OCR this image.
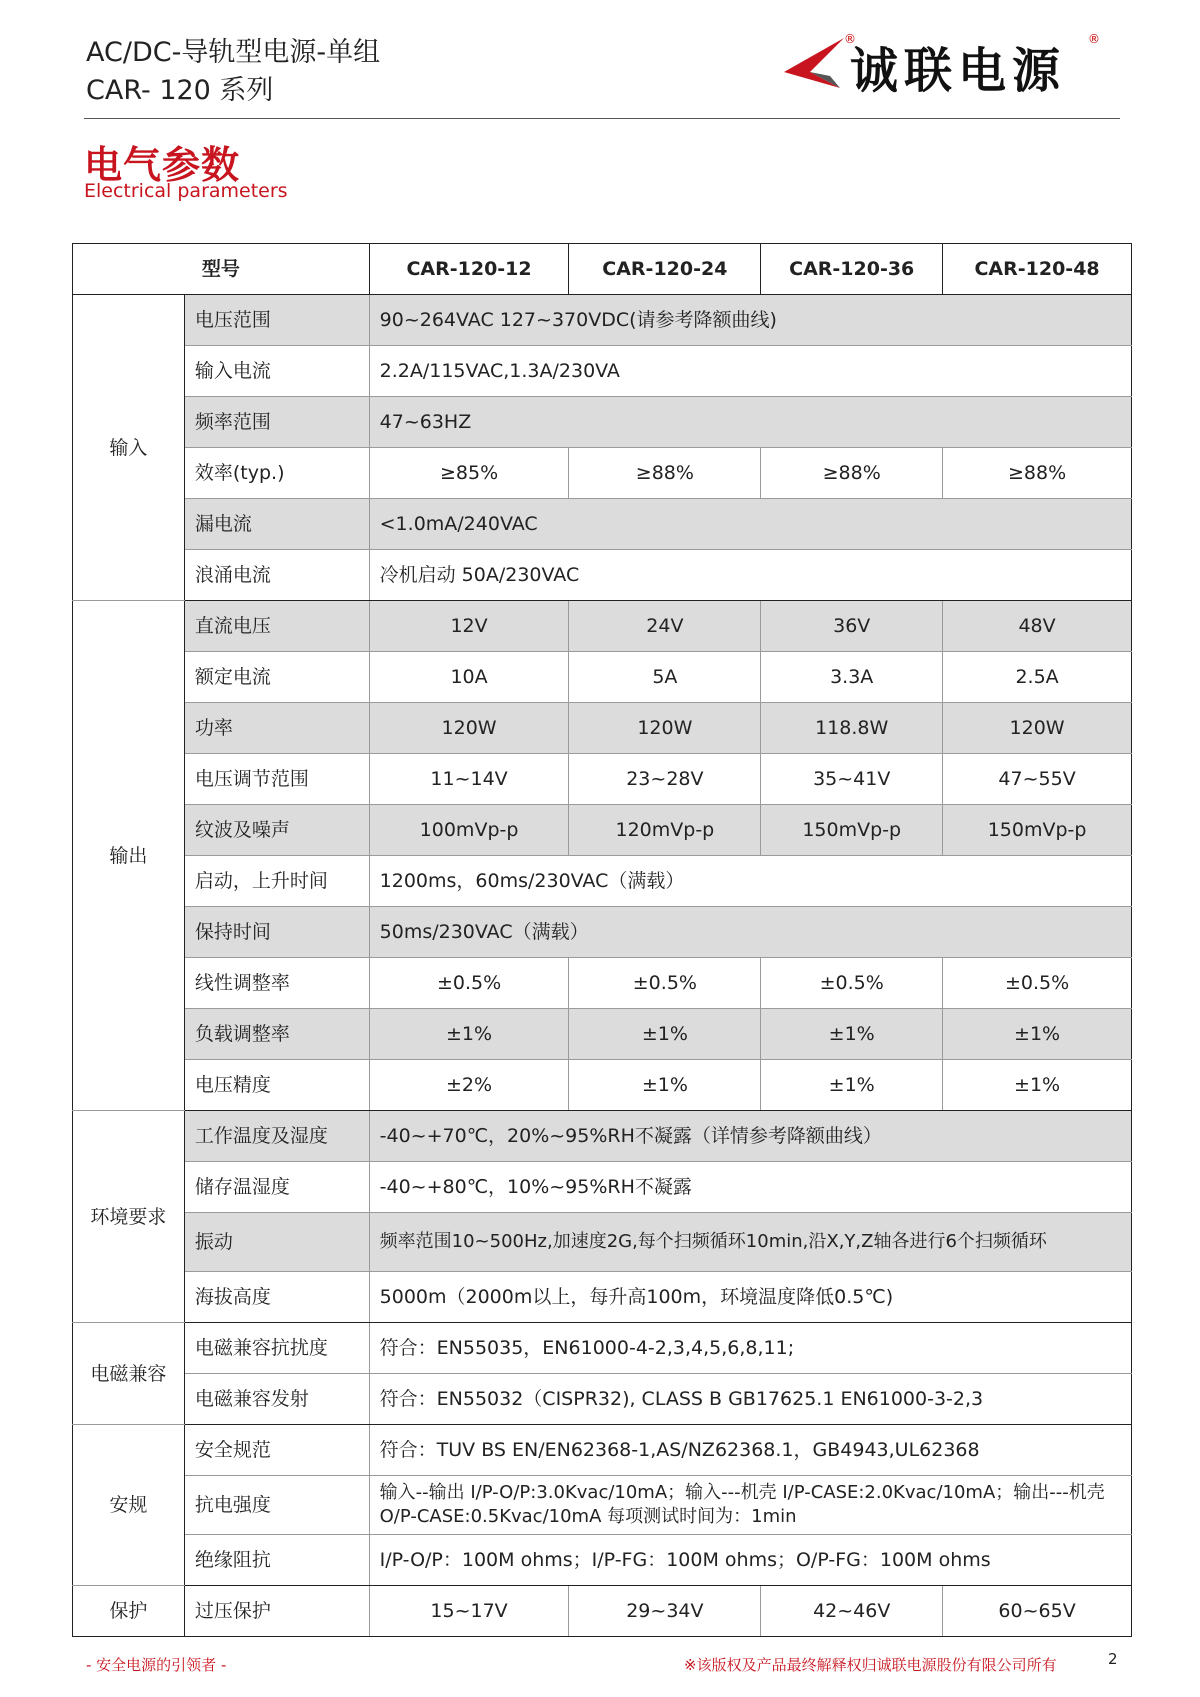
AC/DC-导轨型电源-单组
CAR- 120 系列
®
诚联电源
®
电气参数
Electrical parameters
型号		CAR-120-12	CAR-120-24	CAR-120-36	CAR-120-48
输入	电压范围	90~264VAC 127~370VDC(请参考降额曲线)			
	输入电流	2.2A/115VAC,1.3A/230VA			
	频率范围	47~63HZ			
	效率(typ.)	≥85%	≥88%	≥88%	≥88%
	漏电流	<1.0mA/240VAC			
	浪涌电流	冷机启动 50A/230VAC			
输出	直流电压	12V	24V	36V	48V
	额定电流	10A	5A	3.3A	2.5A
	功率	120W	120W	118.8W	120W
	电压调节范围	11~14V	23~28V	35~41V	47~55V
	纹波及噪声	100mVp-p	120mVp-p	150mVp-p	150mVp-p
	启动，上升时间	1200ms，60ms/230VAC（满载）			
	保持时间	50ms/230VAC（满载）			
	线性调整率	±0.5%	±0.5%	±0.5%	±0.5%
	负载调整率	±1%	±1%	±1%	±1%
	电压精度	±2%	±1%	±1%	±1%
环境要求	工作温度及湿度	-40~+70℃，20%~95%RH不凝露（详情参考降额曲线）			
	储存温湿度	-40~+80℃，10%~95%RH不凝露			
	振动	频率范围10~500Hz,加速度2G,每个扫频循环10min,沿X,Y,Z轴各进行6个扫频循环			
	海拔高度	5000m（2000m以上，每升高100m，环境温度降低0.5℃)			
电磁兼容	电磁兼容抗扰度	符合：EN55035，EN61000-4-2,3,4,5,6,8,11;			
	电磁兼容发射	符合：EN55032（CISPR32), CLASS B GB17625.1 EN61000-3-2,3			
安规	安全规范	符合：TUV BS EN/EN62368-1,AS/NZ62368.1，GB4943,UL62368			
	抗电强度	输入--输出 I/P-O/P:3.0Kvac/10mA；输入---机壳 I/P-CASE:2.0Kvac/10mA；输出---机壳 O/P-CASE:0.5Kvac/10mA 每项测试时间为：1min			
	绝缘阻抗	I/P-O/P：100M ohms；I/P-FG：100M ohms；O/P-FG：100M ohms			
保护	过压保护	15~17V	29~34V	42~46V	60~65V
- 安全电源的引领者 -	※该版权及产品最终解释权归诚联电源股份有限公司所有	2
